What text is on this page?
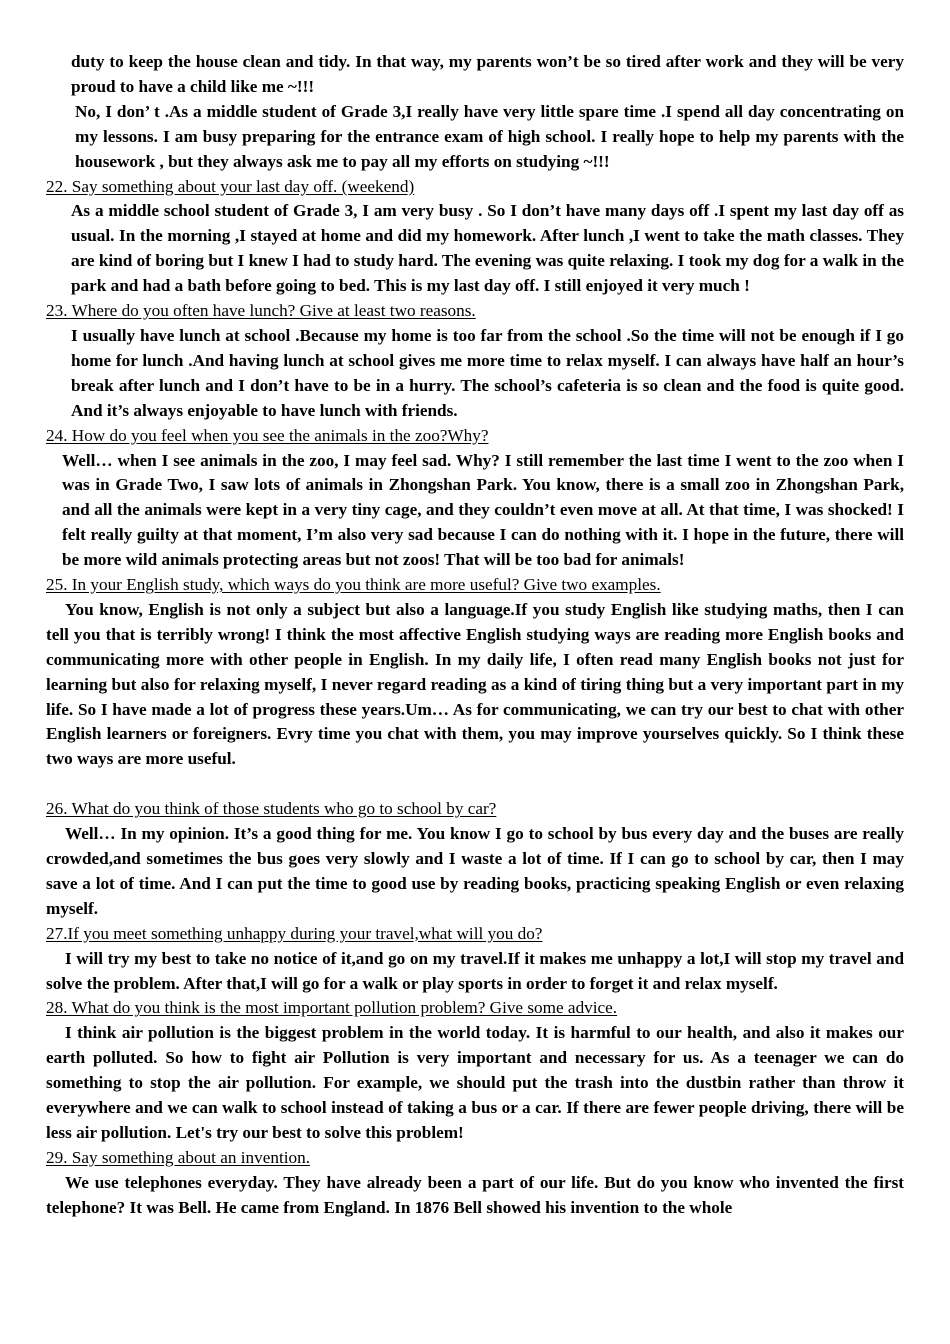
duty to keep the house clean and tidy. In that way, my parents won’t be so tired after work and they will be very proud to have a child like me ~!!!

No, I don’ t .As a middle student of Grade 3,I really have very little spare time .I spend all day concentrating on my lessons. I am busy preparing for the entrance exam of high school. I really hope to help my parents with the housework , but they always ask me to pay all my efforts on studying ~!!!

22. Say something about your last day off. (weekend)

As a middle school student of Grade 3, I am very busy . So I don’t have many days off .I spent my last day off as usual. In the morning ,I stayed at home and did my homework. After lunch ,I went to take the math classes. They are kind of boring but I knew I had to study hard. The evening was quite relaxing. I took my dog for a walk in the park and had a bath before going to bed. This is my last day off. I still enjoyed it very much !

23. Where do you often have lunch? Give at least two reasons.

I usually have lunch at school .Because my home is too far from the school .So the time will not be enough if I go home for lunch .And having lunch at school gives me more time to relax myself. I can always have half an hour’s break after lunch and I don’t have to be in a hurry. The school’s cafeteria is so clean and the food is quite good. And it’s always enjoyable to have lunch with friends.

24. How do you feel when you see the animals in the zoo?Why?

Well… when I see animals in the zoo, I may feel sad. Why? I still remember the last time I went to the zoo when I was in Grade Two, I saw lots of animals in Zhongshan Park. You know, there is a small zoo in Zhongshan Park, and all the animals were kept in a very tiny cage, and they couldn’t even move at all. At that time, I was shocked! I felt really guilty at that moment, I’m also very sad because I can do nothing with it. I hope in the future, there will be more wild animals protecting areas but not zoos! That will be too bad for animals!

25. In your English study, which ways do you think are more useful? Give two examples.

You know, English is not only a subject but also a language.If you study English like studying maths, then I can tell you that is terribly wrong! I think the most affective English studying ways are reading more English books and communicating more with other people in English. In my daily life, I often read many English books not just for learning but also for relaxing myself, I never regard reading as a kind of tiring thing but a very important part in my life. So I have made a lot of progress these years.Um… As for communicating, we can try our best to chat with other English learners or foreigners. Evry time you chat with them, you may improve yourselves quickly. So I think these two ways are more useful.

26. What do you think of those students who go to school by car?

Well… In my opinion. It’s a good thing for me. You know I go to school by bus every day and the buses are really crowded,and sometimes the bus goes very slowly and I waste a lot of time. If I can go to school by car, then I may save a lot of time. And I can put the time to good use by reading books, practicing speaking English or even relaxing myself.

27.If you meet something unhappy during your travel,what will you do?

I will try my best to take no notice of it,and go on my travel.If it makes me unhappy a lot,I will stop my travel and solve the problem. After that,I will go for a walk or play sports in order to forget it and relax myself.

28. What do you think is the most important pollution problem? Give some advice.

I think air pollution is the biggest problem in the world today. It is harmful to our health, and also it makes our earth polluted. So how to fight air Pollution is very important and necessary for us. As a teenager we can do something to stop the air pollution. For example, we should put the trash into the dustbin rather than throw it everywhere and we can walk to school instead of taking a bus or a car. If there are fewer people driving, there will be less air pollution. Let's try our best to solve this problem!

29. Say something about an invention.

We use telephones everyday. They have already been a part of our life. But do you know who invented the first telephone? It was Bell. He came from England. In 1876 Bell showed his invention to the whole
